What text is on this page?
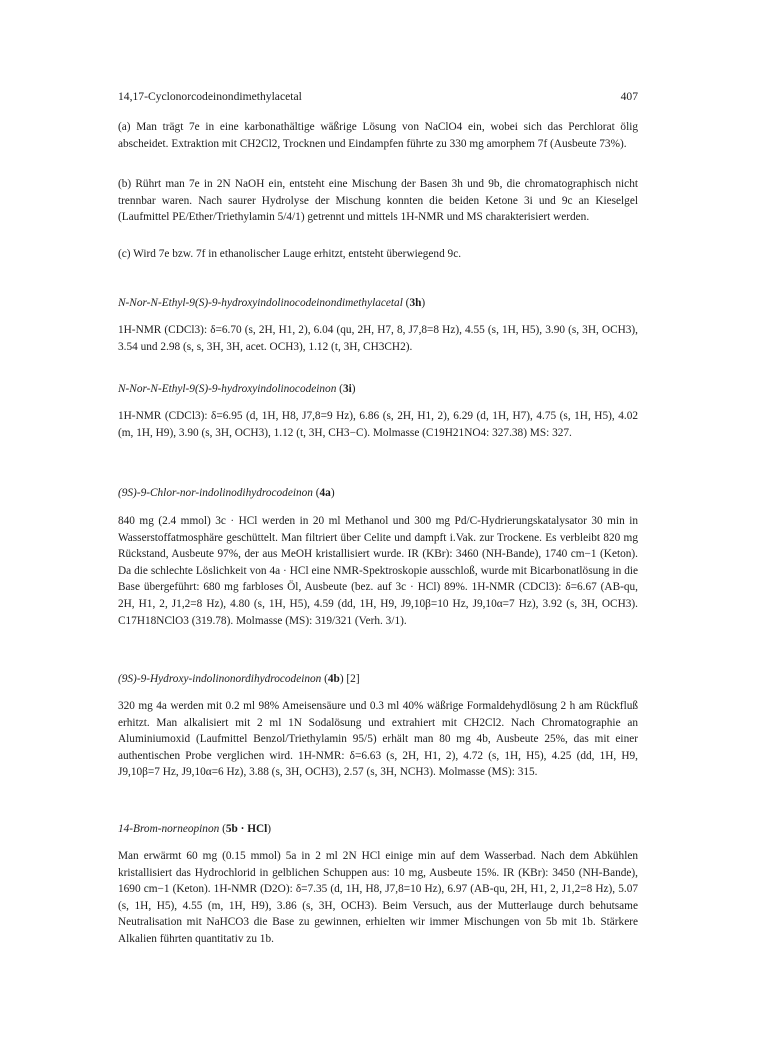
14,17-Cyclonorcodeinondimethylacetal	407

(a) Man trägt 7e in eine karbonathältige wäßrige Lösung von NaClO4 ein, wobei sich das Perchlorat ölig abscheidet. Extraktion mit CH2Cl2, Trocknen und Eindampfen führte zu 330 mg amorphem 7f (Ausbeute 73%).

(b) Rührt man 7e in 2N NaOH ein, entsteht eine Mischung der Basen 3h und 9b, die chromatographisch nicht trennbar waren. Nach saurer Hydrolyse der Mischung konnten die beiden Ketone 3i und 9c an Kieselgel (Laufmittel PE/Ether/Triethylamin 5/4/1) getrennt und mittels 1H-NMR und MS charakterisiert werden.

(c) Wird 7e bzw. 7f in ethanolischer Lauge erhitzt, entsteht überwiegend 9c.

N-Nor-N-Ethyl-9(S)-9-hydroxyindolinocodeinondimethylacetal (3h)

1H-NMR (CDCl3): δ=6.70 (s, 2H, H1, 2), 6.04 (qu, 2H, H7, 8, J7,8=8 Hz), 4.55 (s, 1H, H5), 3.90 (s, 3H, OCH3), 3.54 und 2.98 (s, s, 3H, 3H, acet. OCH3), 1.12 (t, 3H, CH3CH2).

N-Nor-N-Ethyl-9(S)-9-hydroxyindolinocodeinon (3i)

1H-NMR (CDCl3): δ=6.95 (d, 1H, H8, J7,8=9 Hz), 6.86 (s, 2H, H1, 2), 6.29 (d, 1H, H7), 4.75 (s, 1H, H5), 4.02 (m, 1H, H9), 3.90 (s, 3H, OCH3), 1.12 (t, 3H, CH3−C). Molmasse (C19H21NO4: 327.38) MS: 327.

(9S)-9-Chlor-nor-indolinodihydrocodeinon (4a)

840 mg (2.4 mmol) 3c · HCl werden in 20 ml Methanol und 300 mg Pd/C-Hydrierungskatalysator 30 min in Wasserstoffatmosphäre geschüttelt. Man filtriert über Celite und dampft i.Vak. zur Trockene. Es verbleibt 820 mg Rückstand, Ausbeute 97%, der aus MeOH kristallisiert wurde. IR (KBr): 3460 (NH-Bande), 1740 cm−1 (Keton). Da die schlechte Löslichkeit von 4a · HCl eine NMR-Spektroskopie ausschloß, wurde mit Bicarbonatlösung in die Base übergeführt: 680 mg farbloses Öl, Ausbeute (bez. auf 3c · HCl) 89%. 1H-NMR (CDCl3): δ=6.67 (AB-qu, 2H, H1, 2, J1,2=8 Hz), 4.80 (s, 1H, H5), 4.59 (dd, 1H, H9, J9,10β=10 Hz, J9,10α=7 Hz), 3.92 (s, 3H, OCH3). C17H18NClO3 (319.78). Molmasse (MS): 319/321 (Verh. 3/1).

(9S)-9-Hydroxy-indolinonordihydrocodeinon (4b) [2]

320 mg 4a werden mit 0.2 ml 98% Ameisensäure und 0.3 ml 40% wäßrige Formaldehydlösung 2 h am Rückfluß erhitzt. Man alkalisiert mit 2 ml 1N Sodalösung und extrahiert mit CH2Cl2. Nach Chromatographie an Aluminiumoxid (Laufmittel Benzol/Triethylamin 95/5) erhält man 80 mg 4b, Ausbeute 25%, das mit einer authentischen Probe verglichen wird. 1H-NMR: δ=6.63 (s, 2H, H1, 2), 4.72 (s, 1H, H5), 4.25 (dd, 1H, H9, J9,10β=7 Hz, J9,10α=6 Hz), 3.88 (s, 3H, OCH3), 2.57 (s, 3H, NCH3). Molmasse (MS): 315.

14-Brom-norneopinon (5b · HCl)

Man erwärmt 60 mg (0.15 mmol) 5a in 2 ml 2N HCl einige min auf dem Wasserbad. Nach dem Abkühlen kristallisiert das Hydrochlorid in gelblichen Schuppen aus: 10 mg, Ausbeute 15%. IR (KBr): 3450 (NH-Bande), 1690 cm−1 (Keton). 1H-NMR (D2O): δ=7.35 (d, 1H, H8, J7,8=10 Hz), 6.97 (AB-qu, 2H, H1, 2, J1,2=8 Hz), 5.07 (s, 1H, H5), 4.55 (m, 1H, H9), 3.86 (s, 3H, OCH3). Beim Versuch, aus der Mutterlauge durch behutsame Neutralisation mit NaHCO3 die Base zu gewinnen, erhielten wir immer Mischungen von 5b mit 1b. Stärkere Alkalien führten quantitativ zu 1b.
